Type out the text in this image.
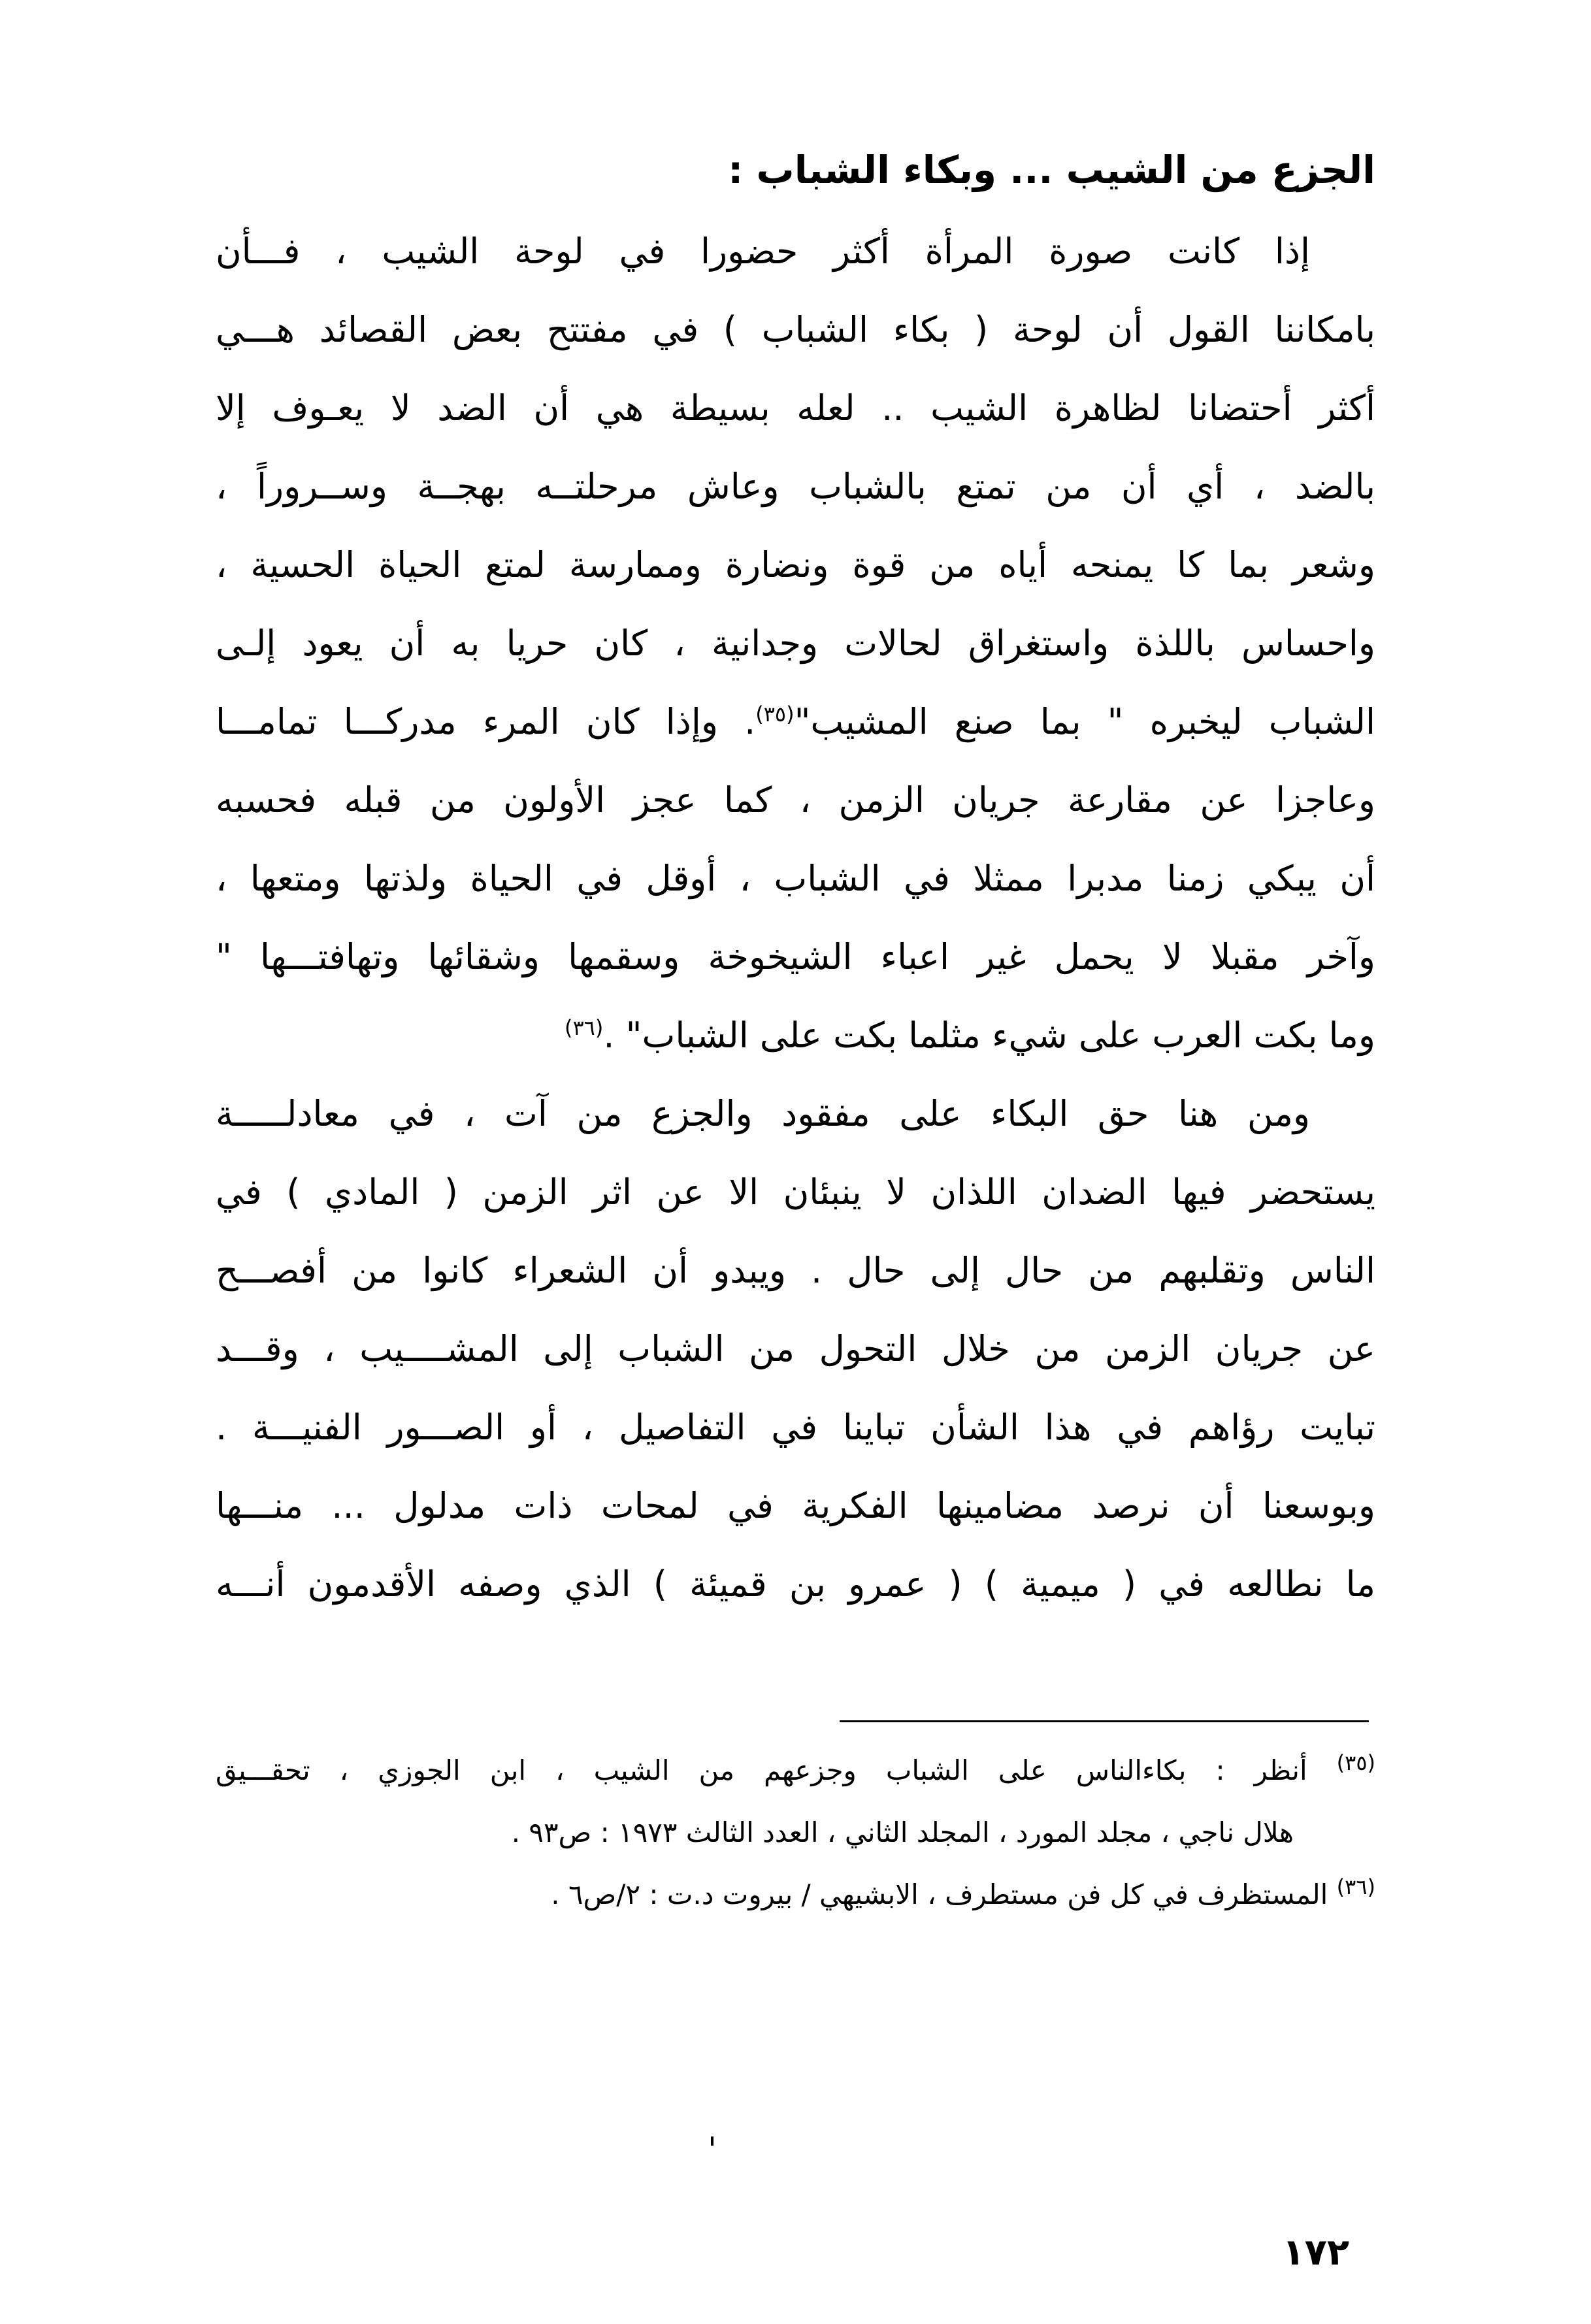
الجزع من الشيب ... وبكاء الشباب :
إذا كانت صورة المرأة أكثر حضورا في لوحة الشيب ، فـــأن
بامكاننا القول أن لوحة ( بكاء الشباب ) في مفتتح بعض القصائد هـــي
أكثر أحتضانا لظاهرة الشيب .. لعله بسيطة هي أن الضد لا يعـوف إلا
بالضد ، أي أن من تمتع بالشباب وعاش مرحلتــه بهجــة وســروراً ،
وشعر بما كا يمنحه أياه من قوة ونضارة وممارسة لمتع الحياة الحسية ،
واحساس باللذة واستغراق لحالات وجدانية ، كان حريا به أن يعود إلـى
الشباب ليخبره " بما صنع المشيب"$^{(٣٥)}$. وإذا كان المرء مدركـــا تمامـــا
وعاجزا عن مقارعة جريان الزمن ، كما عجز الأولون من قبله فحسبه
أن يبكي زمنا مدبرا ممثلا في الشباب ، أوقل في الحياة ولذتها ومتعها ،
وآخر مقبلا لا يحمل غير اعباء الشيخوخة وسقمها وشقائها وتهافتـــها "
وما بكت العرب على شيء مثلما بكت على الشباب" .$^{(٣٦)}$
ومن هنا حق البكاء على مفقود والجزع من آت ، في معادلـــــة
يستحضر فيها الضدان اللذان لا ينبئان الا عن اثر الزمن ( المادي ) في
الناس وتقلبهم من حال إلى حال . ويبدو أن الشعراء كانوا من أفصـــح
عن جريان الزمن من خلال التحول من الشباب إلى المشــــيب ، وقـــد
تبايت رؤاهم في هذا الشأن تباينا في التفاصيل ، أو الصـــور الفنيـــة .
وبوسعنا أن نرصد مضامينها الفكرية في لمحات ذات مدلول ... منـــها
ما نطالعه في ( ميمية ) ( عمرو بن قميئة ) الذي وصفه الأقدمون أنـــه
$^{(٣٥)}$ أنظر : بكاءالناس على الشباب وجزعهم من الشيب ، ابن الجوزي ، تحقـــيق
هلال ناجي ، مجلد المورد ، المجلد الثاني ، العدد الثالث ١٩٧٣ : ص٩٣ .
$^{(٣٦)}$ المستظرف في كل فن مستطرف ، الابشيهي / بيروت د.ت : ٢/ص٦ .
١٧٢
